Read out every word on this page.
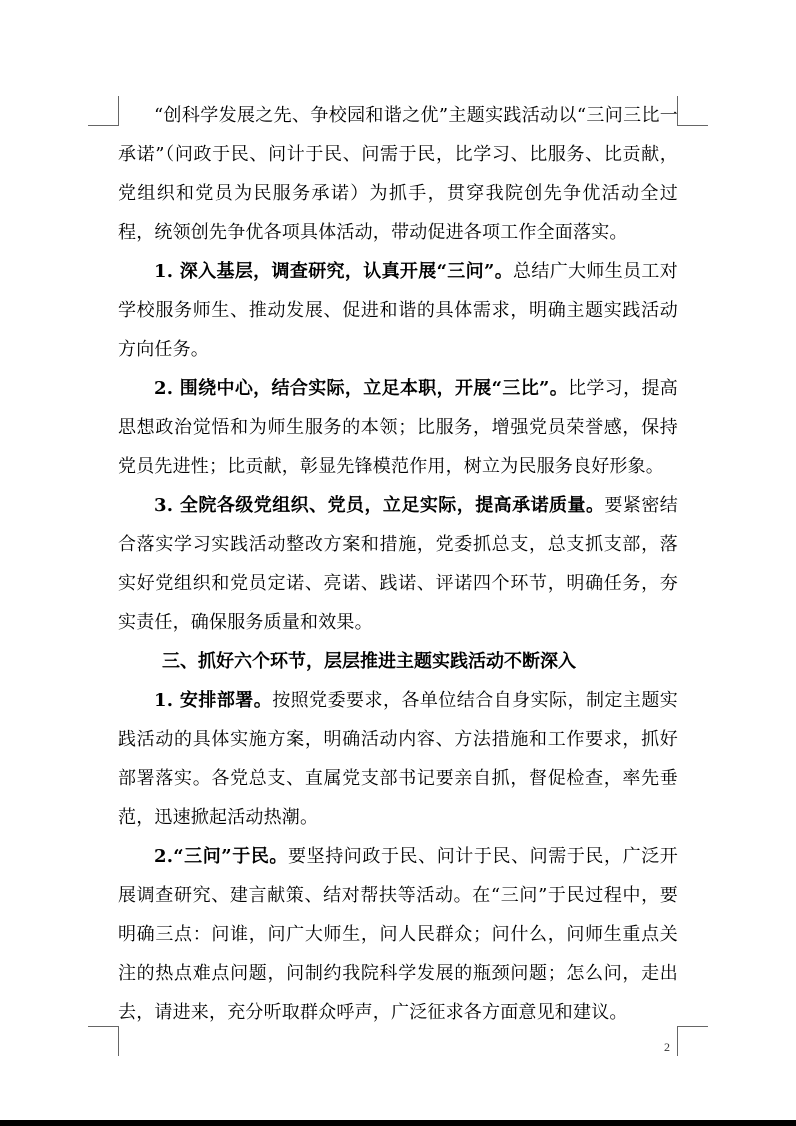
“创科学发展之先、争校园和谐之优”主题实践活动以“三问三比一承诺”（问政于民、问计于民、问需于民，比学习、比服务、比贡献，党组织和党员为民服务承诺）为抓手，贯穿我院创先争优活动全过程，统领创先争优各项具体活动，带动促进各项工作全面落实。

1. 深入基层，调查研究，认真开展“三问”。总结广大师生员工对学校服务师生、推动发展、促进和谐的具体需求，明确主题实践活动方向任务。

2. 围绕中心，结合实际，立足本职，开展“三比”。比学习，提高思想政治觉悟和为师生服务的本领；比服务，增强党员荣誉感，保持党员先进性；比贡献，彰显先锋模范作用，树立为民服务良好形象。

3. 全院各级党组织、党员，立足实际，提高承诺质量。要紧密结合落实学习实践活动整改方案和措施，党委抓总支，总支抓支部，落实好党组织和党员定诺、亮诺、践诺、评诺四个环节，明确任务，夯实责任，确保服务质量和效果。

三、抓好六个环节，层层推进主题实践活动不断深入

1. 安排部署。按照党委要求，各单位结合自身实际，制定主题实践活动的具体实施方案，明确活动内容、方法措施和工作要求，抓好部署落实。各党总支、直属党支部书记要亲自抓，督促检查，率先垂范，迅速掀起活动热潮。

2.“三问”于民。要坚持问政于民、问计于民、问需于民，广泛开展调查研究、建言献策、结对帮扶等活动。在“三问”于民过程中，要明确三点：问谁，问广大师生，问人民群众；问什么，问师生重点关注的热点难点问题，问制约我院科学发展的瓶颈问题；怎么问，走出去，请进来，充分听取群众呼声，广泛征求各方面意见和建议。

2
